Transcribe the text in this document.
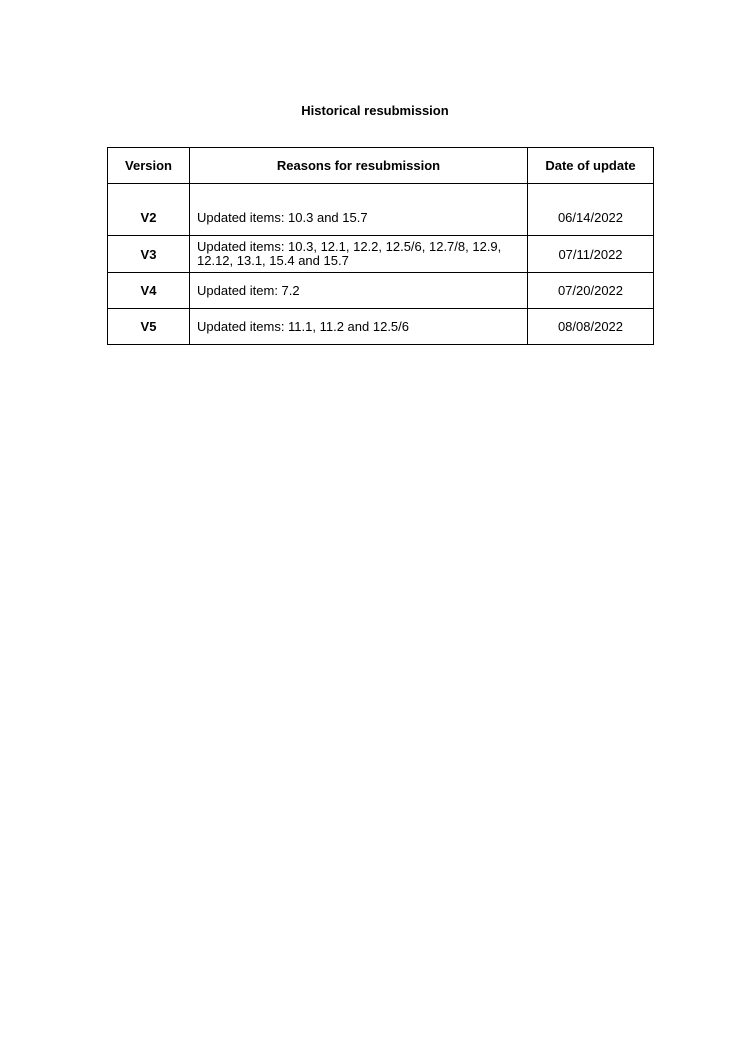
Historical resubmission
Version	Reasons for resubmission	Date of update
V2	Updated items: 10.3 and 15.7	06/14/2022
V3	Updated items: 10.3, 12.1, 12.2, 12.5/6, 12.7/8, 12.9, 12.12, 13.1, 15.4 and 15.7	07/11/2022
V4	Updated item: 7.2	07/20/2022
V5	Updated items: 11.1, 11.2 and 12.5/6	08/08/2022
